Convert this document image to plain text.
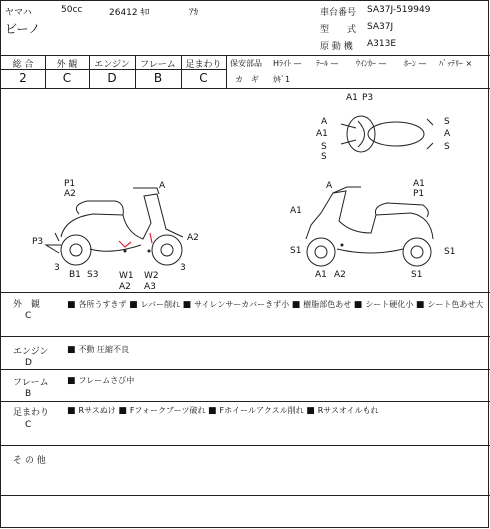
ヤマハ	50cc	26412 ｷﾛ	ｱｶ
ビーノ
車台番号 SA37J-519949
型　　式 SA37J
原 動 機 A313E
総 合	外 観	エンジン	フレーム	足まわり
2	C	D	B	C
保安部品 Hﾗｲﾄ — ﾃｰﾙ — ｳｲﾝｶｰ — ﾎｰﾝ — ﾊﾞｯﾃﾘｰ ×
カ　ギ ｶｷﾞ1
P1
A2
A
P3	A2
3
B1 S3 W1
A2
W2
A3
3
A1 P3
A
A1
S
S
S
A
S
A
A1
P1
A1
S1	S1
A1 A2	S1
外　観
C
■ 各所うすきず ■ レバー削れ ■ サイレンサーカバーきず小 ■ 樹脂部色あせ ■ シート硬化小 ■ シート色あせ大
エンジン
D
■ 不動 圧縮不良
フレーム
B
■ フレームさび中
足まわり
C
■ Rサスぬけ ■ Fフォークブーツ破れ ■ Fホイールアクスル削れ ■ Rサスオイルもれ
そ の 他
